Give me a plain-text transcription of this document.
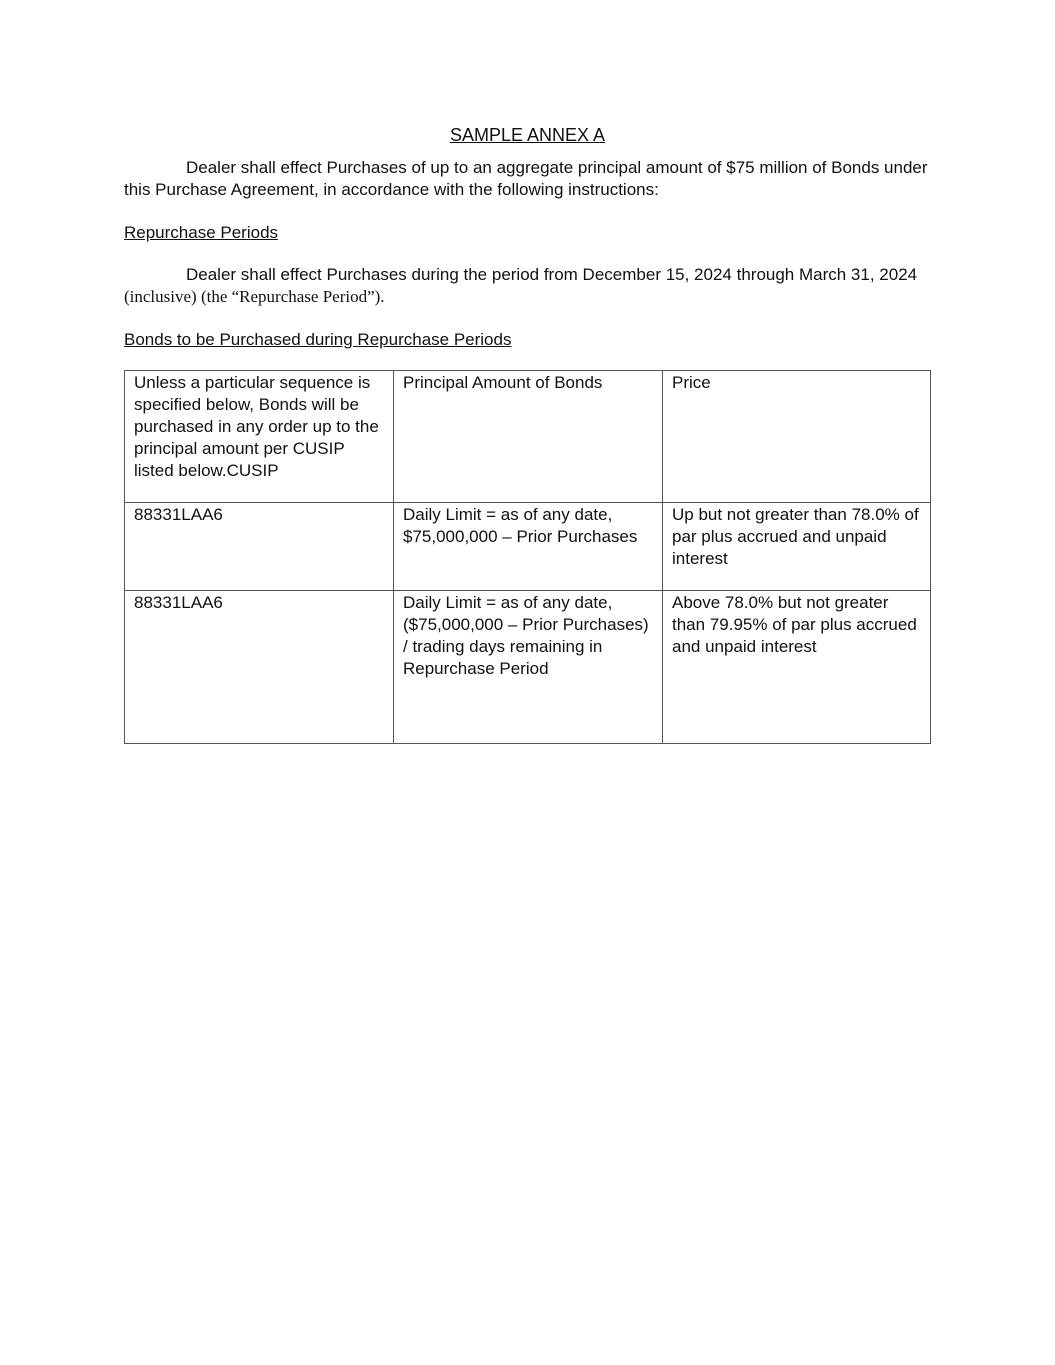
SAMPLE ANNEX A
Dealer shall effect Purchases of up to an aggregate principal amount of $75 million of Bonds under this Purchase Agreement, in accordance with the following instructions:
Repurchase Periods
Dealer shall effect Purchases during the period from December 15, 2024 through March 31, 2024 (inclusive) (the “Repurchase Period”).
Bonds to be Purchased during Repurchase Periods
Unless a particular sequence is specified below, Bonds will be purchased in any order up to the principal amount per CUSIP listed below.CUSIP	Principal Amount of Bonds	Price
88331LAA6	Daily Limit = as of any date, $75,000,000 – Prior Purchases	Up but not greater than 78.0% of par plus accrued and unpaid interest
88331LAA6	Daily Limit = as of any date, ($75,000,000 – Prior Purchases) / trading days remaining in Repurchase Period	Above 78.0% but not greater than 79.95% of par plus accrued and unpaid interest
